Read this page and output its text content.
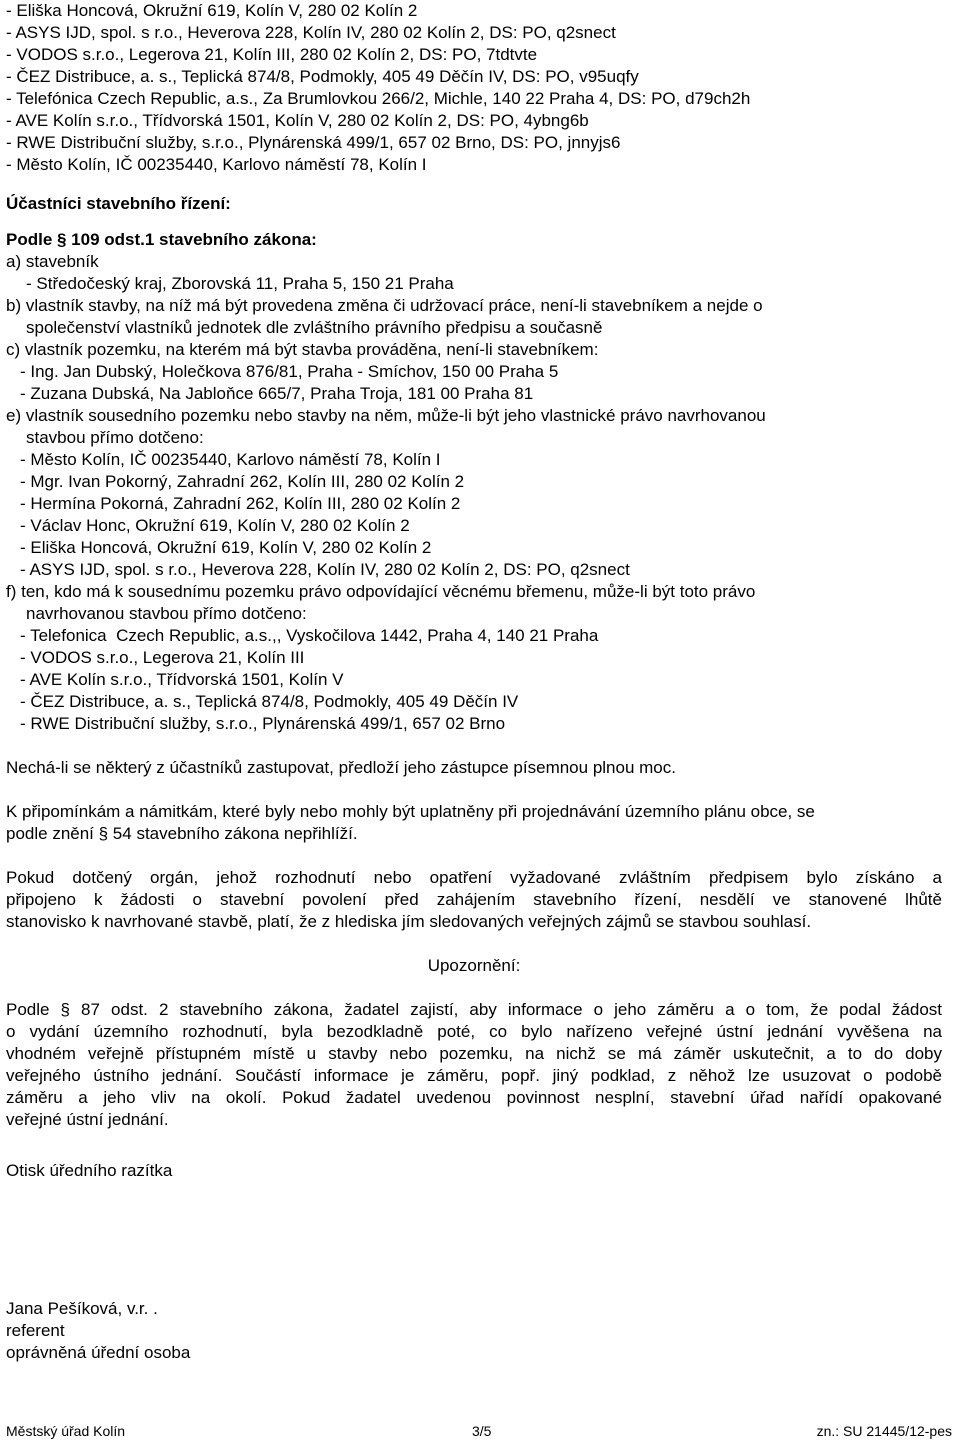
- Eliška Honcová, Okružní 619, Kolín V, 280 02 Kolín 2
- ASYS IJD, spol. s r.o., Heverova 228, Kolín IV, 280 02 Kolín 2, DS: PO, q2snect
- VODOS s.r.o., Legerova 21, Kolín III, 280 02 Kolín 2, DS: PO, 7tdtvte
- ČEZ Distribuce, a. s., Teplická 874/8, Podmokly, 405 49 Děčín IV, DS: PO, v95uqfy
- Telefónica Czech Republic, a.s., Za Brumlovkou 266/2, Michle, 140 22 Praha 4, DS: PO, d79ch2h
- AVE Kolín s.r.o., Třídvorská 1501, Kolín V, 280 02 Kolín 2, DS: PO, 4ybng6b
- RWE Distribuční služby, s.r.o., Plynárenská 499/1, 657 02 Brno, DS: PO, jnnyjs6
- Město Kolín, IČ 00235440, Karlovo náměstí 78, Kolín I
Účastníci stavebního řízení:
Podle § 109 odst.1 stavebního zákona:
a) stavebník
- Středočeský kraj, Zborovská 11, Praha 5, 150 21 Praha
b) vlastník stavby, na níž má být provedena změna či udržovací práce, není-li stavebníkem a nejde o
společenství vlastníků jednotek dle zvláštního právního předpisu a současně
c) vlastník pozemku, na kterém má být stavba prováděna, není-li stavebníkem:
- Ing. Jan Dubský, Holečkova 876/81, Praha - Smíchov, 150 00 Praha 5
- Zuzana Dubská, Na Jabloňce 665/7, Praha Troja, 181 00 Praha 81
e) vlastník sousedního pozemku nebo stavby na něm, může-li být jeho vlastnické právo navrhovanou
stavbou přímo dotčeno:
- Město Kolín, IČ 00235440, Karlovo náměstí 78, Kolín I
- Mgr. Ivan Pokorný, Zahradní 262, Kolín III, 280 02 Kolín 2
- Hermína Pokorná, Zahradní 262, Kolín III, 280 02 Kolín 2
- Václav Honc, Okružní 619, Kolín V, 280 02 Kolín 2
- Eliška Honcová, Okružní 619, Kolín V, 280 02 Kolín 2
- ASYS IJD, spol. s r.o., Heverova 228, Kolín IV, 280 02 Kolín 2, DS: PO, q2snect
f) ten, kdo má k sousednímu pozemku právo odpovídající věcnému břemenu, může-li být toto právo
navrhovanou stavbou přímo dotčeno:
- Telefonica  Czech Republic, a.s.,, Vyskočilova 1442, Praha 4, 140 21 Praha
- VODOS s.r.o., Legerova 21, Kolín III
- AVE Kolín s.r.o., Třídvorská 1501, Kolín V
- ČEZ Distribuce, a. s., Teplická 874/8, Podmokly, 405 49 Děčín IV
- RWE Distribuční služby, s.r.o., Plynárenská 499/1, 657 02 Brno
Nechá-li se některý z účastníků zastupovat, předloží jeho zástupce písemnou plnou moc.
K připomínkám a námitkám, které byly nebo mohly být uplatněny při projednávání územního plánu obce, se
podle znění § 54 stavebního zákona nepřihlíží.
Pokud dotčený orgán, jehož rozhodnutí nebo opatření vyžadované zvláštním předpisem bylo získáno a
připojeno k žádosti o stavební povolení před zahájením stavebního řízení, nesdělí ve stanovené lhůtě
stanovisko k navrhované stavbě, platí, že z hlediska jím sledovaných veřejných zájmů se stavbou souhlasí.
Upozornění:
Podle § 87 odst. 2 stavebního zákona, žadatel zajistí, aby informace o jeho záměru a o tom, že podal žádost
o vydání územního rozhodnutí, byla bezodkladně poté, co bylo nařízeno veřejné ústní jednání vyvěšena na
vhodném veřejně přístupném místě u stavby nebo pozemku, na nichž se má záměr uskutečnit, a to do doby
veřejného ústního jednání. Součástí informace je záměru, popř. jiný podklad, z něhož lze usuzovat o podobě
záměru a jeho vliv na okolí. Pokud žadatel uvedenou povinnost nesplní, stavební úřad nařídí opakované
veřejné ústní jednání.
Otisk úředního razítka
Jana Pešíková, v.r. .
referent
oprávněná úřední osoba
Městský úřad Kolín	3/5	zn.: SU 21445/12-pes
